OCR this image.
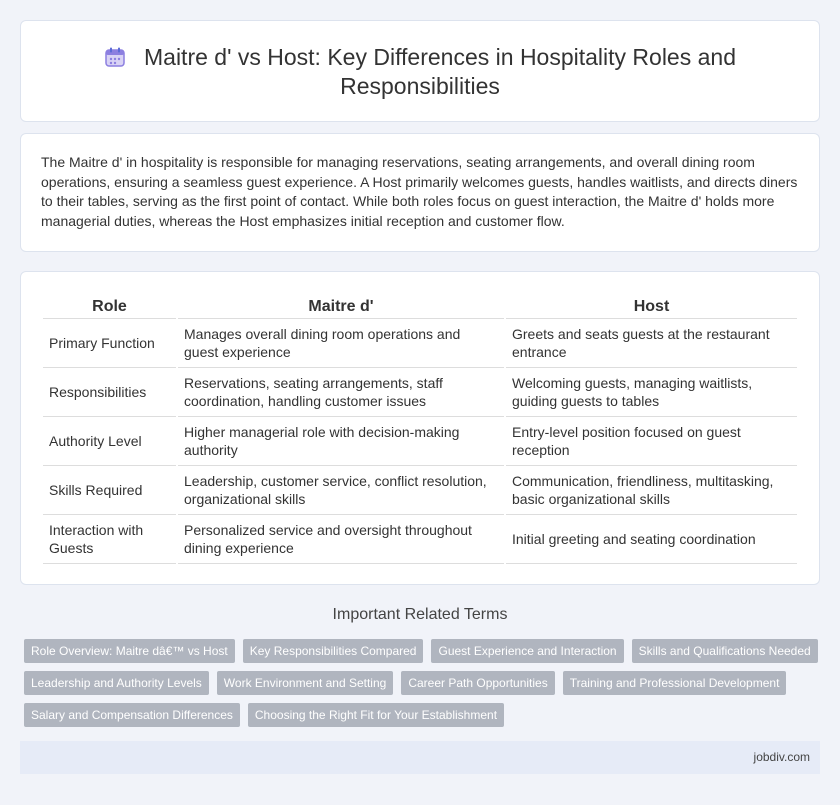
Maitre d' vs Host: Key Differences in Hospitality Roles and Responsibilities

The Maitre d' in hospitality is responsible for managing reservations, seating arrangements, and overall dining room operations, ensuring a seamless guest experience. A Host primarily welcomes guests, handles waitlists, and directs diners to their tables, serving as the first point of contact. While both roles focus on guest interaction, the Maitre d' holds more managerial duties, whereas the Host emphasizes initial reception and customer flow.

Role	Maitre d'	Host
Primary Function	Manages overall dining room operations and guest experience	Greets and seats guests at the restaurant entrance
Responsibilities	Reservations, seating arrangements, staff coordination, handling customer issues	Welcoming guests, managing waitlists, guiding guests to tables
Authority Level	Higher managerial role with decision-making authority	Entry-level position focused on guest reception
Skills Required	Leadership, customer service, conflict resolution, organizational skills	Communication, friendliness, multitasking, basic organizational skills
Interaction with Guests	Personalized service and oversight throughout dining experience	Initial greeting and seating coordination
Important Related Terms
Role Overview: Maitre dâ€™ vs Host	Key Responsibilities Compared	Guest Experience and Interaction	Skills and Qualifications Needed
Leadership and Authority Levels	Work Environment and Setting	Career Path Opportunities	Training and Professional Development
Salary and Compensation Differences	Choosing the Right Fit for Your Establishment
jobdiv.com
